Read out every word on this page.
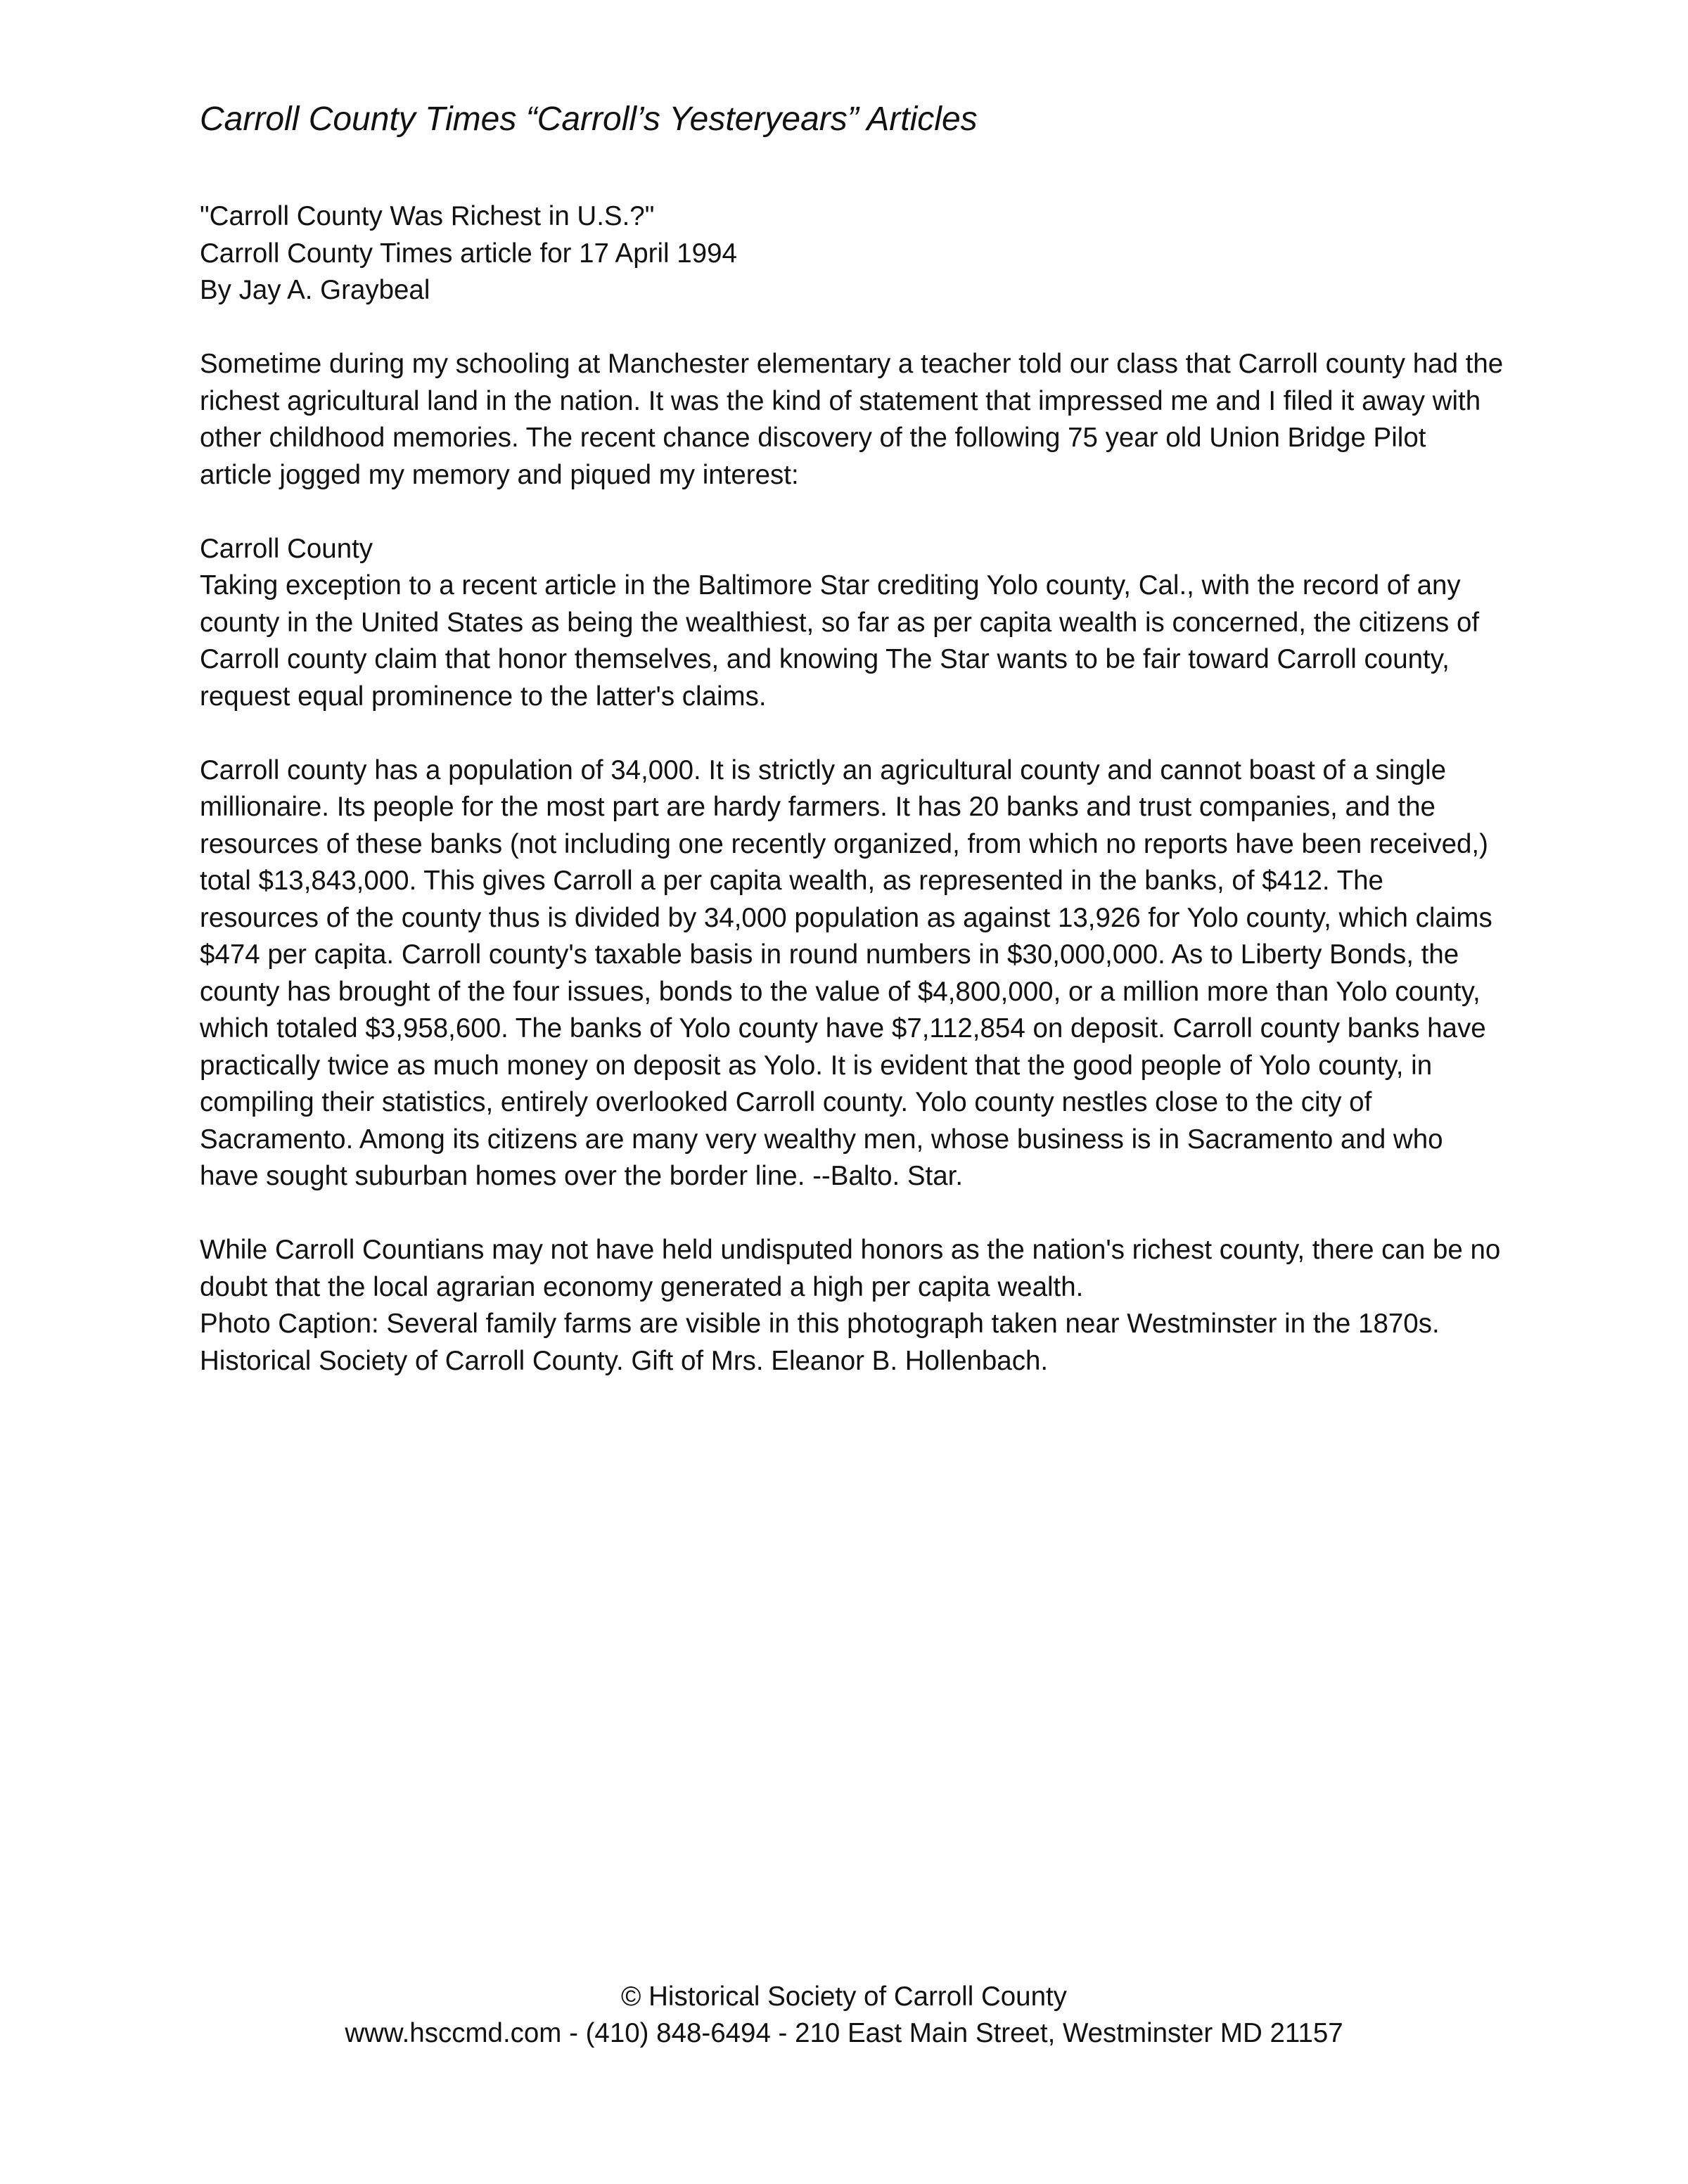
Carroll County Times “Carroll’s Yesteryears” Articles

"Carroll County Was Richest in U.S.?"

Carroll County Times article for 17 April 1994

By Jay A. Graybeal

Sometime during my schooling at Manchester elementary a teacher told our class that Carroll county had the richest agricultural land in the nation. It was the kind of statement that impressed me and I filed it away with other childhood memories. The recent chance discovery of the following 75 year old Union Bridge Pilot article jogged my memory and piqued my interest:

Carroll County

Taking exception to a recent article in the Baltimore Star crediting Yolo county, Cal., with the record of any county in the United States as being the wealthiest, so far as per capita wealth is concerned, the citizens of Carroll county claim that honor themselves, and knowing The Star wants to be fair toward Carroll county, request equal prominence to the latter's claims.

Carroll county has a population of 34,000. It is strictly an agricultural county and cannot boast of a single millionaire. Its people for the most part are hardy farmers. It has 20 banks and trust companies, and the resources of these banks (not including one recently organized, from which no reports have been received,) total $13,843,000. This gives Carroll a per capita wealth, as represented in the banks, of $412. The resources of the county thus is divided by 34,000 population as against 13,926 for Yolo county, which claims $474 per capita. Carroll county's taxable basis in round numbers in $30,000,000. As to Liberty Bonds, the county has brought of the four issues, bonds to the value of $4,800,000, or a million more than Yolo county, which totaled $3,958,600. The banks of Yolo county have $7,112,854 on deposit. Carroll county banks have practically twice as much money on deposit as Yolo. It is evident that the good people of Yolo county, in compiling their statistics, entirely overlooked Carroll county. Yolo county nestles close to the city of Sacramento. Among its citizens are many very wealthy men, whose business is in Sacramento and who have sought suburban homes over the border line. --Balto. Star.

While Carroll Countians may not have held undisputed honors as the nation's richest county, there can be no doubt that the local agrarian economy generated a high per capita wealth.

Photo Caption: Several family farms are visible in this photograph taken near Westminster in the 1870s.

Historical Society of Carroll County. Gift of Mrs. Eleanor B. Hollenbach.

© Historical Society of Carroll County

www.hsccmd.com - (410) 848-6494 - 210 East Main Street, Westminster MD 21157
